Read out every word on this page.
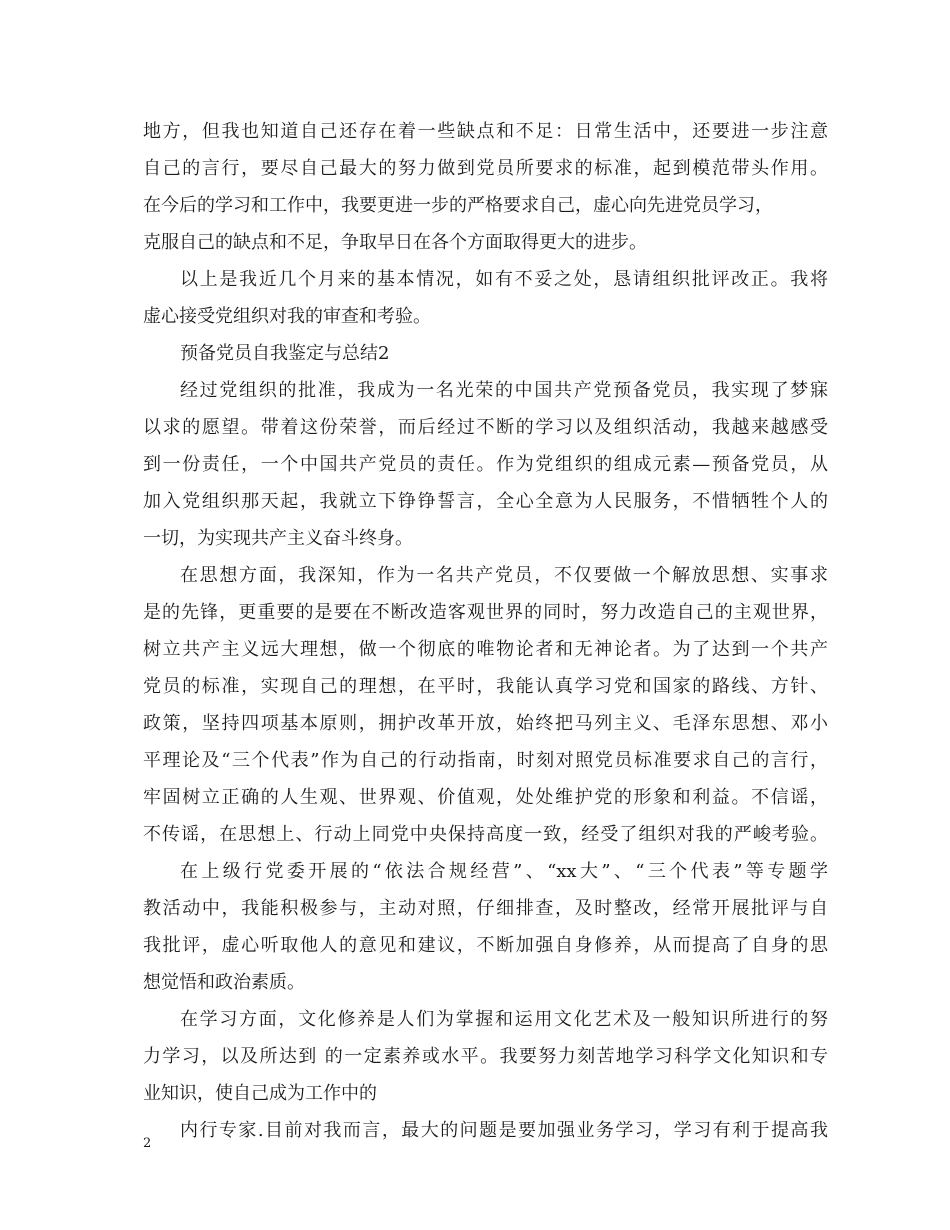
地方，但我也知道自己还存在着一些缺点和不足：日常生活中，还要进一步注意
自己的言行，要尽自己最大的努力做到党员所要求的标准，起到模范带头作用。
在今后的学习和工作中，我要更进一步的严格要求自己，虚心向先进党员学习，
克服自己的缺点和不足，争取早日在各个方面取得更大的进步。
以上是我近几个月来的基本情况，如有不妥之处，恳请组织批评改正。我将
虚心接受党组织对我的审查和考验。
预备党员自我鉴定与总结2
经过党组织的批准，我成为一名光荣的中国共产党预备党员，我实现了梦寐
以求的愿望。带着这份荣誉，而后经过不断的学习以及组织活动，我越来越感受
到一份责任，一个中国共产党员的责任。作为党组织的组成元素—预备党员，从
加入党组织那天起，我就立下铮铮誓言，全心全意为人民服务，不惜牺牲个人的
一切，为实现共产主义奋斗终身。
在思想方面，我深知，作为一名共产党员，不仅要做一个解放思想、实事求
是的先锋，更重要的是要在不断改造客观世界的同时，努力改造自己的主观世界，
树立共产主义远大理想，做一个彻底的唯物论者和无神论者。为了达到一个共产
党员的标准，实现自己的理想，在平时，我能认真学习党和国家的路线、方针、
政策，坚持四项基本原则，拥护改革开放，始终把马列主义、毛泽东思想、邓小
平理论及“三个代表”作为自己的行动指南，时刻对照党员标准要求自己的言行，
牢固树立正确的人生观、世界观、价值观，处处维护党的形象和利益。不信谣，
不传谣，在思想上、行动上同党中央保持高度一致，经受了组织对我的严峻考验。
在上级行党委开展的“依法合规经营”、“xx大”、“三个代表”等专题学
教活动中，我能积极参与，主动对照，仔细排查，及时整改，经常开展批评与自
我批评，虚心听取他人的意见和建议，不断加强自身修养，从而提高了自身的思
想觉悟和政治素质。
在学习方面，文化修养是人们为掌握和运用文化艺术及一般知识所进行的努
力学习，以及所达到 的一定素养或水平。我要努力刻苦地学习科学文化知识和专
业知识，使自己成为工作中的
内行专家.目前对我而言，最大的问题是要加强业务学习，学习有利于提高我
2
